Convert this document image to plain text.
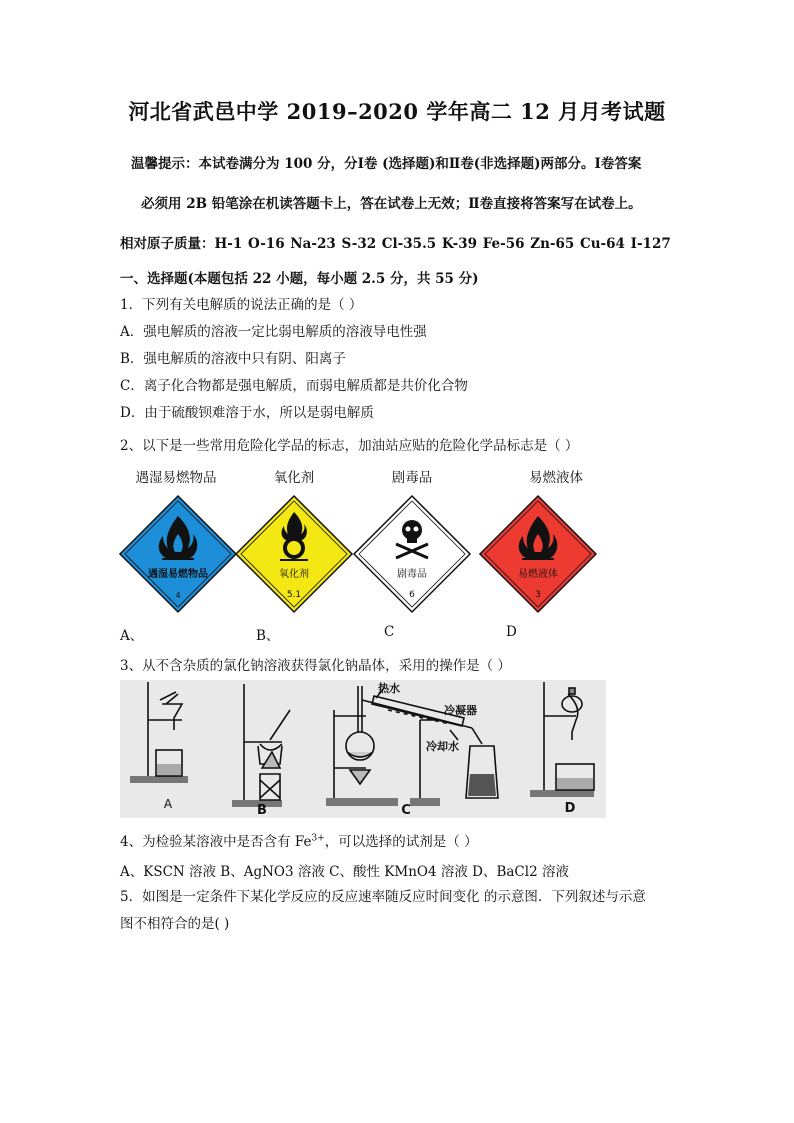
河北省武邑中学 2019–2020 学年高二 12 月月考试题
温馨提示：本试卷满分为 100 分，分Ⅰ卷 (选择题)和Ⅱ卷(非选择题)两部分。Ⅰ卷答案
必须用 2B 铅笔涂在机读答题卡上，答在试卷上无效；Ⅱ卷直接将答案写在试卷上。
相对原子质量：H-1 O-16 Na-23 S-32 Cl-35.5 K-39 Fe-56 Zn-65 Cu-64 I-127
一、选择题(本题包括 22 小题，每小题 2.5 分，共 55 分)
1．下列有关电解质的说法正确的是（ ）
A．强电解质的溶液一定比弱电解质的溶液导电性强
B．强电解质的溶液中只有阴、阳离子
C．离子化合物都是强电解质，而弱电解质都是共价化合物
D．由于硫酸钡难溶于水，所以是弱电解质
2、以下是一些常用危险化学品的标志，加油站应贴的危险化学品标志是（ ）
遇湿易燃物品	氧化剂	剧毒品	易燃液体
遇湿易燃物品
4
氧化剂
5.1
剧毒品
6
易燃液体
3
A、	B、	C	D
3、从不含杂质的氯化钠溶液获得氯化钠晶体，采用的操作是（ ）
热水
冷凝器
冷却水
A	B	C	D
4、为检验某溶液中是否含有 $Fe^{3+}$，可以选择的试剂是（ ）
A、KSCN 溶液 B、AgNO3 溶液 C、酸性 KMnO4 溶液 D、BaCl2 溶液
5．如图是一定条件下某化学反应的反应速率随反应时间变化 的示意图．下列叙述与示意
图不相符合的是( )
